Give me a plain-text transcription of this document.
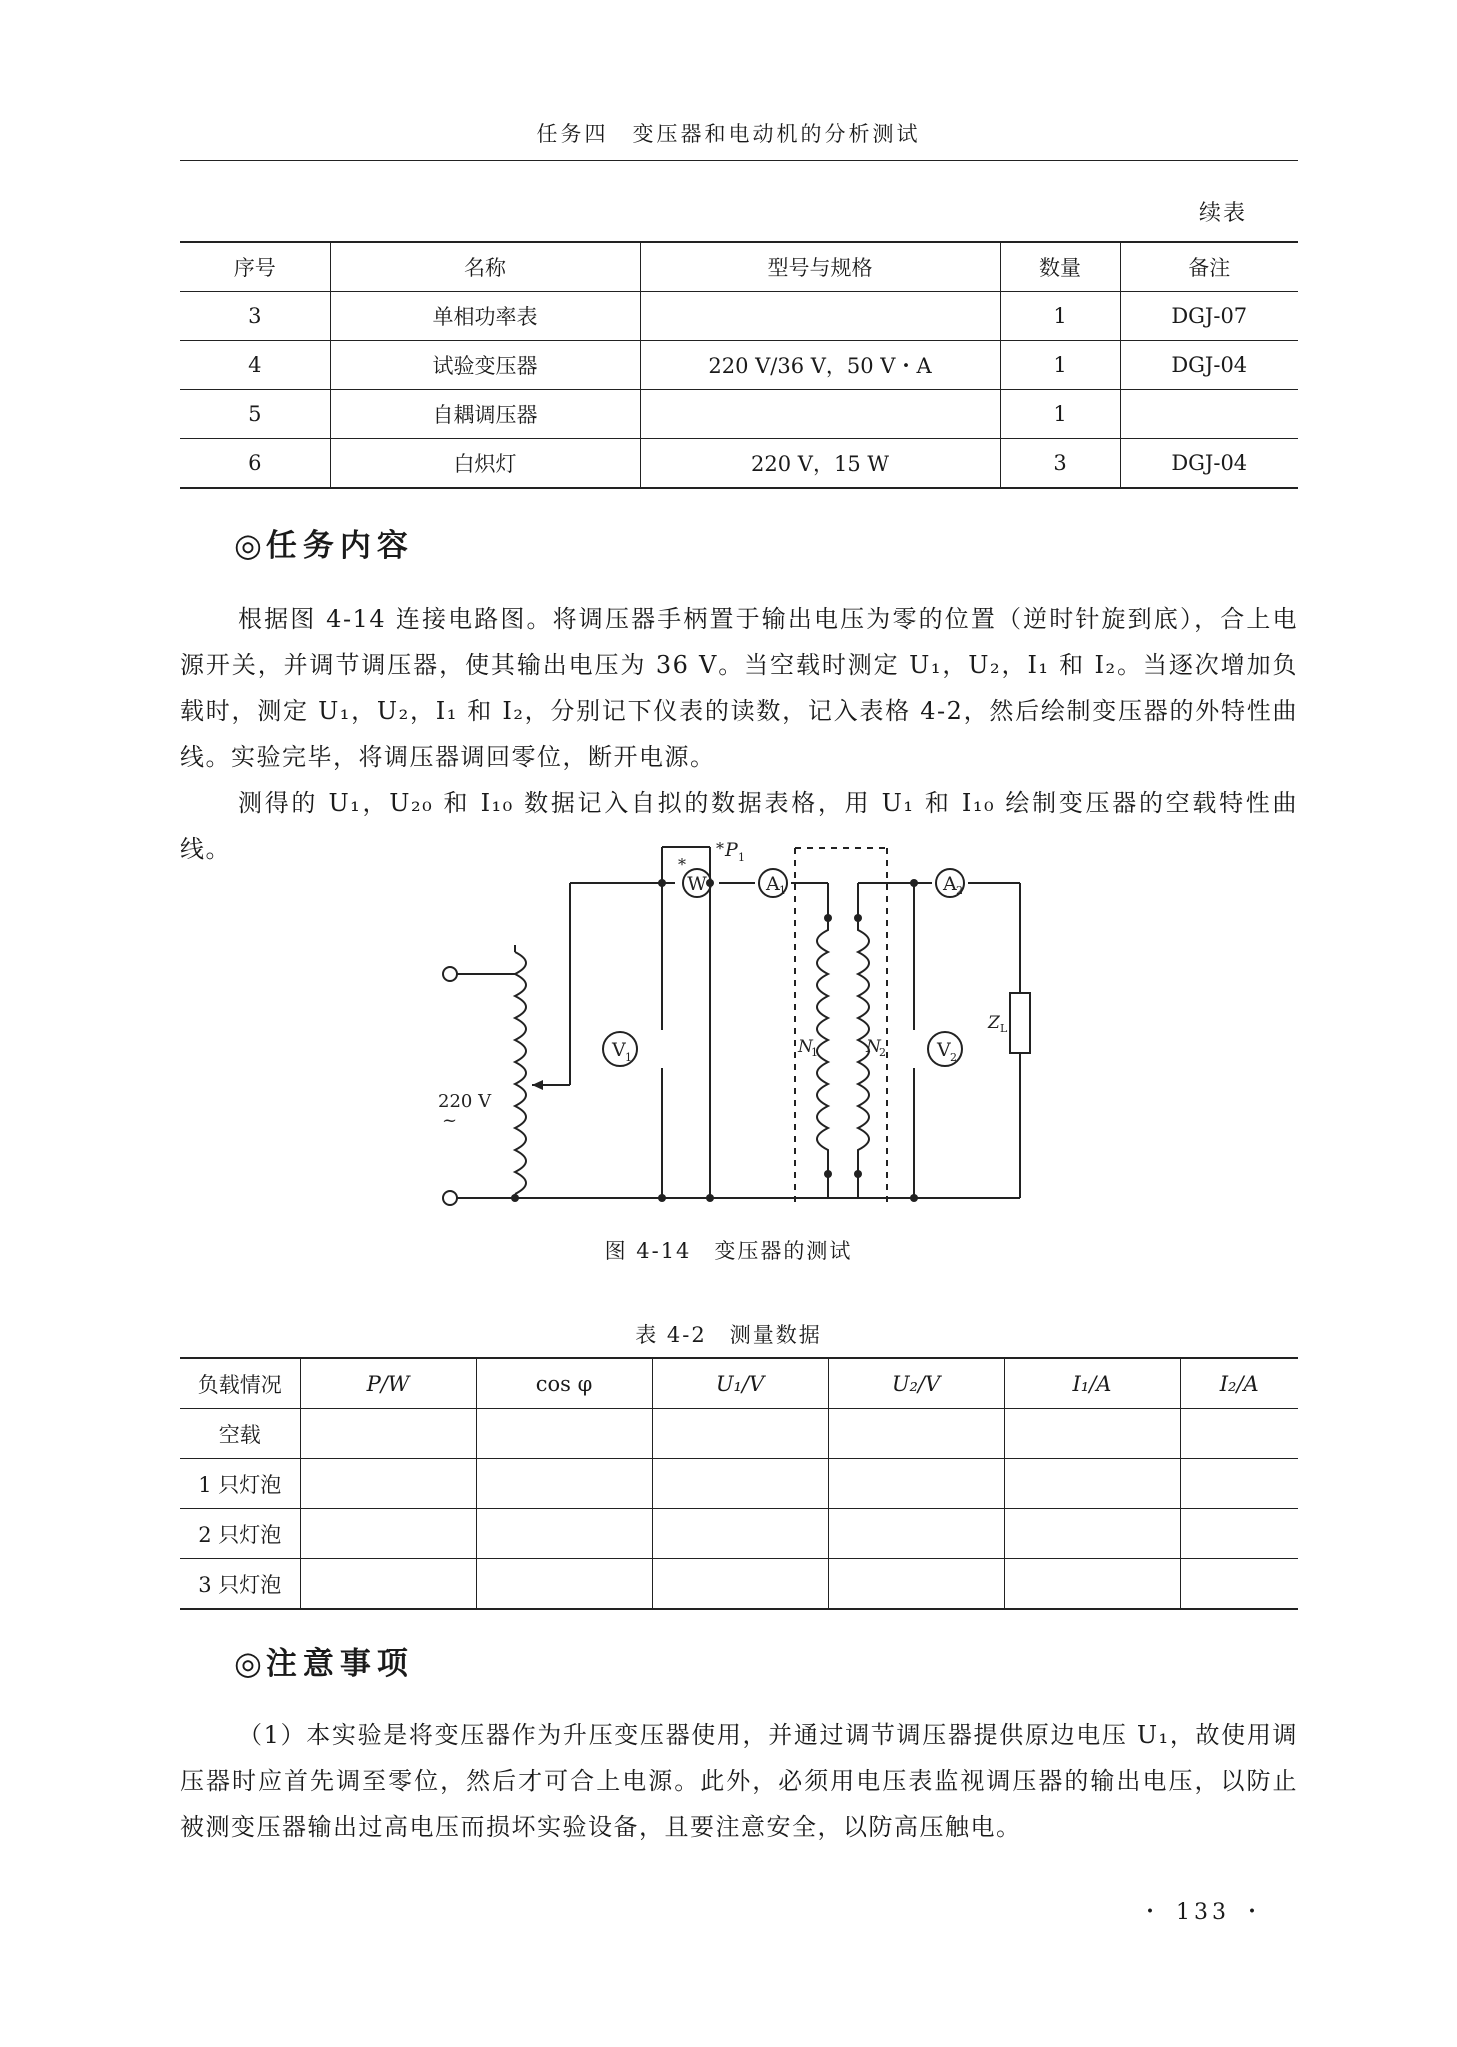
任务四　变压器和电动机的分析测试
续表
序号	名称	型号与规格	数量	备注
3	单相功率表		1	DGJ-07
4	试验变压器	220 V/36 V，50 V・A	1	DGJ-04
5	自耦调压器		1	
6	白炽灯	220 V，15 W	3	DGJ-04
◎ 任务内容

根据图 4-14 连接电路图。将调压器手柄置于输出电压为零的位置（逆时针旋到底），合上电源开关，并调节调压器，使其输出电压为 36 V。当空载时测定 U₁，U₂，I₁ 和 I₂。当逐次增加负载时，测定 U₁，U₂，I₁ 和 I₂，分别记下仪表的读数，记入表格 4-2，然后绘制变压器的外特性曲线。实验完毕，将调压器调回零位，断开电源。

测得的 U₁，U₂₀ 和 I₁₀ 数据记入自拟的数据表格，用 U₁ 和 I₁₀ 绘制变压器的空载特性曲线。

W
*
* P 1
A 1	A 2
V 1	V 2
N
1	N
2
Z L
220 V
~
图 4-14　变压器的测试
表 4-2　测量数据
负载情况	P/W	cos φ	U₁/V	U₂/V	I₁/A	I₂/A
空载						
1 只灯泡						
2 只灯泡						
3 只灯泡						
◎ 注意事项

（1）本实验是将变压器作为升压变压器使用，并通过调节调压器提供原边电压 U₁，故使用调压器时应首先调至零位，然后才可合上电源。此外，必须用电压表监视调压器的输出电压，以防止被测变压器输出过高电压而损坏实验设备，且要注意安全，以防高压触电。

・ 133 ・
